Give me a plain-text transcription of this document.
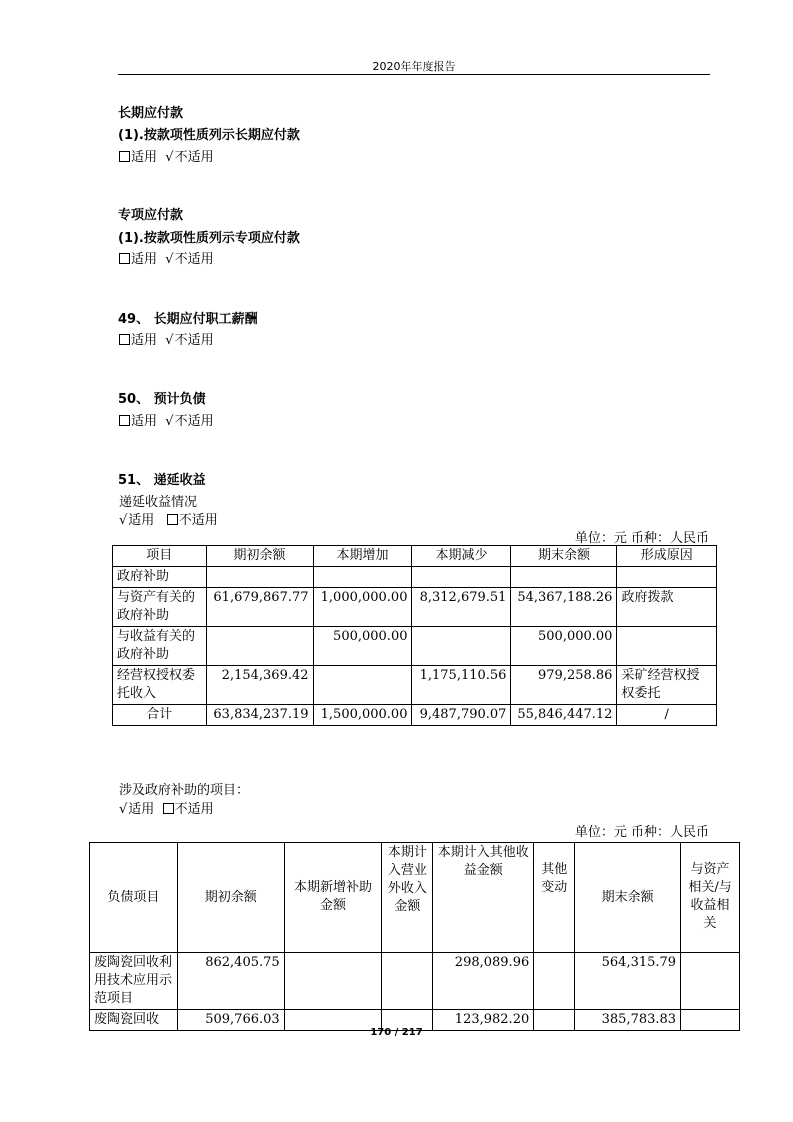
2020年年度报告
长期应付款
(1).按款项性质列示长期应付款
适用 √不适用
专项应付款
(1).按款项性质列示专项应付款
适用 √不适用
49、 长期应付职工薪酬
适用 √不适用
50、 预计负债
适用 √不适用
51、 递延收益
递延收益情况
√适用 不适用
单位：元 币种：人民币
项目	期初余额	本期增加	本期减少	期末余额	形成原因
政府补助					
与资产有关的政府补助	61,679,867.77	1,000,000.00	8,312,679.51	54,367,188.26	政府拨款
与收益有关的政府补助		500,000.00		500,000.00	
经营权授权委托收入	2,154,369.42		1,175,110.56	979,258.86	采矿经营权授权委托
合计	63,834,237.19	1,500,000.00	9,487,790.07	55,846,447.12	/
涉及政府补助的项目：
√适用 不适用
单位：元 币种：人民币
负债项目	期初余额	本期新增补助金额	本期计入营业外收入金额	本期计入其他收益金额	其他变动	期末余额	与资产相关/与收益相关
废陶瓷回收利用技术应用示范项目	862,405.75			298,089.96		564,315.79	
废陶瓷回收	509,766.03			123,982.20		385,783.83	
170 / 217
